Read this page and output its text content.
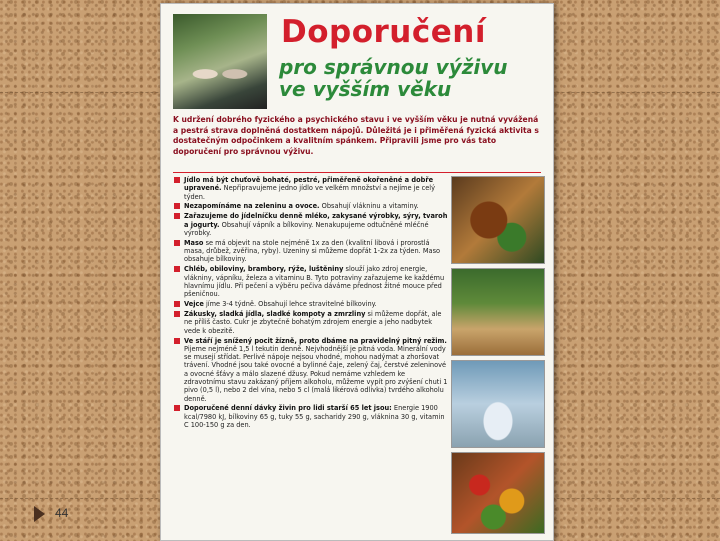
Doporučení
pro správnou výživu
ve vyšším věku

K udržení dobrého fyzického a psychického stavu i ve vyšším věku je nutná vyvážená a pestrá strava doplněná dostatkem nápojů. Důležitá je i přiměřená fyzická aktivita s dostatečným odpočinkem a kvalitním spánkem. Připravili jsme pro vás tato doporučení pro správnou výživu.

Jídlo má být chuťově bohaté, pestré, přiměřeně okořeněné a dobře upravené. Nepřipravujeme jedno jídlo ve velkém množství a nejíme je celý týden.
Nezapomínáme na zeleninu a ovoce. Obsahují vlákninu a vitaminy.
Zařazujeme do jídelníčku denně mléko, zakysané výrobky, sýry, tvaroh a jogurty. Obsahují vápník a bílkoviny. Nenakupujeme odtučněné mléčné výrobky.
Maso se má objevit na stole nejméně 1x za den (kvalitní libová i prorostlá masa, drůbež, zvěřina, ryby). Uzeniny si můžeme dopřát 1-2x za týden. Maso obsahuje bílkoviny.
Chléb, obiloviny, brambory, rýže, luštěniny slouží jako zdroj energie, vlákniny, vápníku, železa a vitaminu B. Tyto potraviny zařazujeme ke každému hlavnímu jídlu. Při pečení a výběru pečiva dáváme přednost žitné mouce před pšeničnou.
Vejce jíme 3-4 týdně. Obsahují lehce stravitelné bílkoviny.
Zákusky, sladká jídla, sladké kompoty a zmrzliny si můžeme dopřát, ale ne příliš často. Cukr je zbytečně bohatým zdrojem energie a jeho nadbytek vede k obezitě.
Ve stáří je snížený pocit žízně, proto dbáme na pravidelný pitný režim. Pijeme nejméně 1,5 l tekutin denně. Nejvhodnější je pitná voda. Minerální vody se musejí střídat. Perlivé nápoje nejsou vhodné, mohou nadýmat a zhoršovat trávení. Vhodné jsou také ovocné a bylinné čaje, zelený čaj, čerstvé zeleninové a ovocné šťávy a málo slazené džusy. Pokud nemáme vzhledem ke zdravotnímu stavu zakázaný příjem alkoholu, můžeme vypít pro zvýšení chuti 1 pivo (0,5 l), nebo 2 del vína, nebo 5 cl (malá likérová odlivka) tvrdého alkoholu denně.
Doporučené denní dávky živin pro lidi starší 65 let jsou: Energie 1900 kcal/7980 kJ, bílkoviny 65 g, tuky 55 g, sacharidy 290 g, vláknina 30 g, vitamin C 100-150 g za den.
44
